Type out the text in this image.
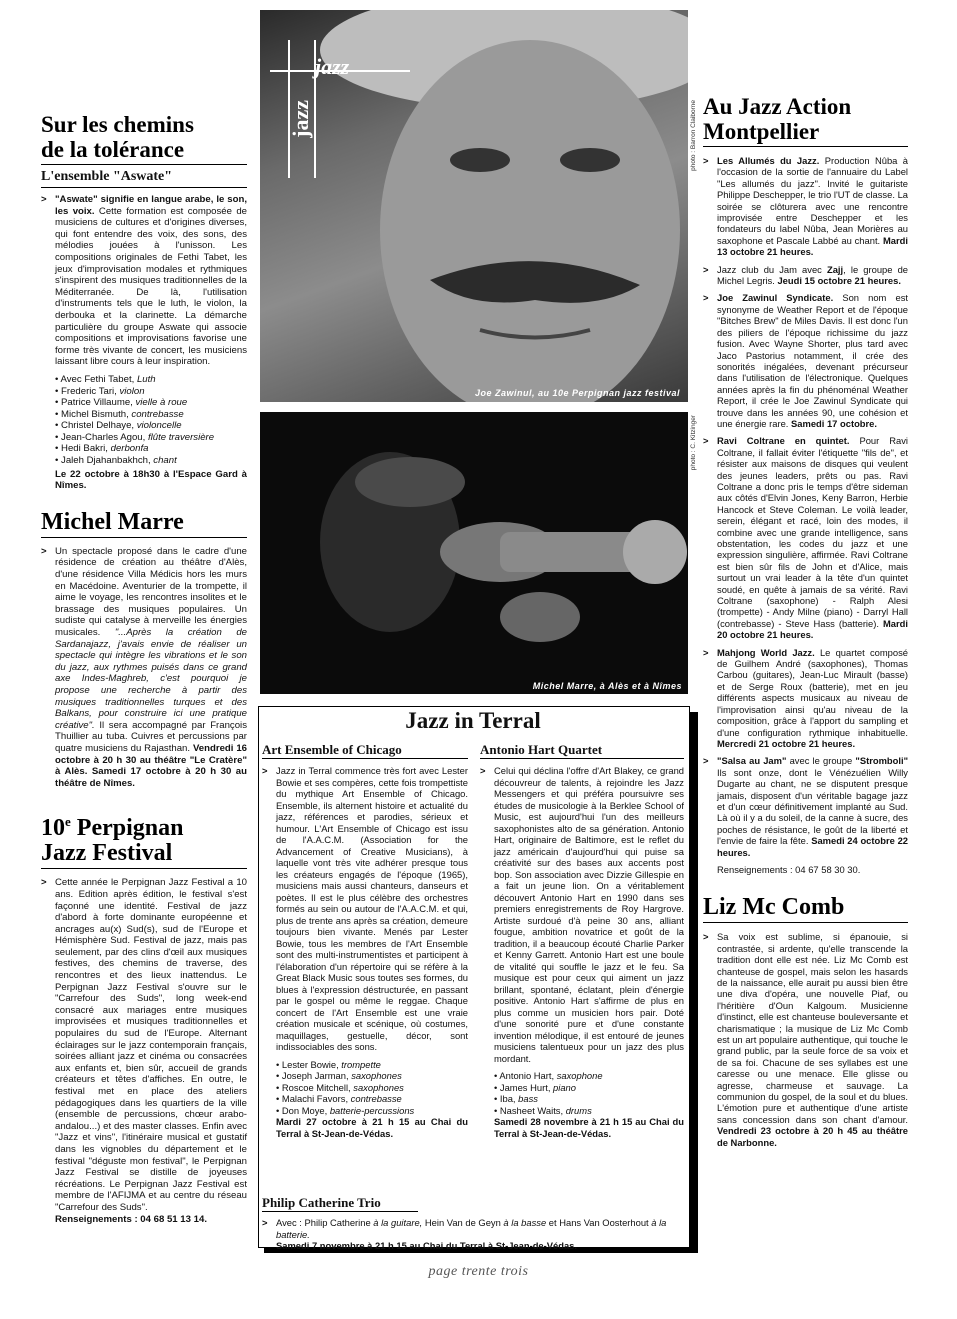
Sur les chemins
de la tolérance
L'ensemble "Aswate"

> "Aswate" signifie en langue arabe, le son, les voix. Cette formation est composée de musiciens de cultures et d'origines diverses, qui font entendre des voix, des sons, des mélodies jouées à l'unisson. Les compositions originales de Fethi Tabet, les jeux d'improvisation modales et rythmiques s'inspirent des musiques traditionnelles de la Méditerranée. De là, l'utilisation d'instruments tels que le luth, le violon, la derbouka et la clarinette. La démarche particulière du groupe Aswate qui associe compositions et improvisations favorise une forme très vivante de concert, les musiciens laissant libre cours à leur inspiration.

• Avec Fethi Tabet, Luth
• Frederic Tari, violon
• Patrice Villaume, vielle à roue
• Michel Bismuth, contrebasse
• Christel Delhaye, violoncelle
• Jean-Charles Agou, flûte traversière
• Hedi Bakri, derbonfa
• Jaleh Djahanbakhch, chant
Le 22 octobre à 18h30 à l'Espace Gard à Nîmes.
Michel Marre

> Un spectacle proposé dans le cadre d'une résidence de création au théâtre d'Alès, d'une résidence Villa Médicis hors les murs en Macédoine. Aventurier de la trompette, il aime le voyage, les rencontres insolites et le brassage des musiques populaires. Un sudiste qui catalyse à merveille les énergies musicales. "...Après la création de Sardanajazz, j'avais envie de réaliser un spectacle qui intègre les vibrations et le son du jazz, aux rythmes puisés dans ce grand axe Indes-Maghreb, c'est pourquoi je propose une recherche à partir des musiques traditionnelles turques et des Balkans, pour construire ici une pratique créative". Il sera accompagné par François Thuillier au tuba. Cuivres et percussions par quatre musiciens du Rajasthan. Vendredi 16 octobre à 20 h 30 au théâtre "Le Cratère" à Alès. Samedi 17 octobre à 20 h 30 au théâtre de Nîmes.

10e Perpignan
Jazz Festival

> Cette année le Perpignan Jazz Festival a 10 ans. Edition après édition, le festival s'est façonné une identité. Festival de jazz d'abord à forte dominante européenne et ancrages au(x) Sud(s), sud de l'Europe et Hémisphère Sud. Festival de jazz, mais pas seulement, par des clins d'œil aux musiques festives, des chemins de traverse, des rencontres et des lieux inattendus. Le Perpignan Jazz Festival s'ouvre sur le "Carrefour des Suds", long week-end consacré aux mariages entre musiques improvisées et musiques traditionnelles et populaires du sud de l'Europe. Alternant éclairages sur le jazz contemporain français, soirées alliant jazz et cinéma ou consacrées aux enfants et, bien sûr, accueil de grands créateurs et têtes d'affiches. En outre, le festival met en place des ateliers pédagogiques dans les quartiers de la ville (ensemble de percussions, chœur arabo-andalou...) et des master classes. Enfin avec "Jazz et vins", l'itinéraire musical et gustatif dans les vignobles du département et le festival "déguste mon festival", le Perpignan Jazz Festival se distille de joyeuses récréations. Le Perpignan Jazz Festival est membre de l'AFIJMA et au centre du réseau "Carrefour des Suds".
Renseignements : 04 68 51 13 14.

jazz
jazz
Joe Zawinul, au 10e Perpignan jazz festival
photo : Barron Claiborne
Michel Marre, à Alès et à Nîmes
photo : C. Kitzinger
Jazz in Terral
Art Ensemble of Chicago

> Jazz in Terral commence très fort avec Lester Bowie et ses compères, cette fois trompettiste du mythique Art Ensemble of Chicago. Ensemble, ils alternent histoire et actualité du jazz, références et parodies, sérieux et humour. L'Art Ensemble of Chicago est issu de l'A.A.C.M. (Association for the Advancement of Creative Musicians), à laquelle vont très vite adhérer presque tous les créateurs engagés de l'époque (1965), musiciens mais aussi chanteurs, danseurs et poètes. Il est le plus célèbre des orchestres formés au sein ou autour de l'A.A.C.M. et qui, plus de trente ans après sa création, demeure toujours bien vivante. Menés par Lester Bowie, tous les membres de l'Art Ensemble sont des multi-instrumentistes et participent à l'élaboration d'un répertoire qui se réfère à la Great Black Music sous toutes ses formes, du blues à l'expression déstructurée, en passant par le gospel ou même le reggae. Chaque concert de l'Art Ensemble est une vraie création musicale et scénique, où costumes, maquillages, gestuelle, décor, sont indissociables des sons.

• Lester Bowie, trompette
• Joseph Jarman, saxophones
• Roscoe Mitchell, saxophones
• Malachi Favors, contrebasse
• Don Moye, batterie-percussions
Mardi 27 octobre à 21 h 15 au Chai du Terral à St-Jean-de-Védas.
Antonio Hart Quartet

> Celui qui déclina l'offre d'Art Blakey, ce grand découvreur de talents, à rejoindre les Jazz Messengers et qui préféra poursuivre ses études de musicologie à la Berklee School of Music, est aujourd'hui l'un des meilleurs saxophonistes alto de sa génération. Antonio Hart, originaire de Baltimore, est le reflet du jazz américain d'aujourd'hui qui puise sa créativité sur des bases aux accents post bop. Son association avec Dizzie Gillespie en a fait un jeune lion. On a véritablement découvert Antonio Hart en 1990 dans ses premiers enregistrements de Roy Hargrove. Artiste surdoué d'à peine 30 ans, alliant fougue, ambition novatrice et goût de la tradition, il a beaucoup écouté Charlie Parker et Kenny Garrett. Antonio Hart est une boule de vitalité qui souffle le jazz et le feu. Sa musique est pour ceux qui aiment un jazz brillant, spontané, éclatant, plein d'énergie positive. Antonio Hart s'affirme de plus en plus comme un musicien hors pair. Doté d'une sonorité pure et d'une constante invention mélodique, il est entouré de jeunes musiciens talentueux pour un jazz des plus mordant.

• Antonio Hart, saxophone
• James Hurt, piano
• Iba, bass
• Nasheet Waits, drums
Samedi 28 novembre à 21 h 15 au Chai du Terral à St-Jean-de-Védas.
Philip Catherine Trio

> Avec : Philip Catherine à la guitare, Hein Van de Geyn à la basse et Hans Van Oosterhout à la batterie.
Samedi 7 novembre à 21 h 15 au Chai du Terral à St-Jean-de-Védas.

Au Jazz Action
Montpellier

> Les Allumés du Jazz. Production Nûba à l'occasion de la sortie de l'annuaire du Label "Les allumés du jazz". Invité le guitariste Philippe Deschepper, le trio l'UT de classe. La soirée se clôturera avec une rencontre improvisée entre Deschepper et les fondateurs du label Nûba, Jean Morières au saxophone et Pascale Labbé au chant. Mardi 13 octobre 21 heures.

> Jazz club du Jam avec Zajj, le groupe de Michel Legris. Jeudi 15 octobre 21 heures.

> Joe Zawinul Syndicate. Son nom est synonyme de Weather Report et de l'époque "Bitches Brew" de Miles Davis. Il est donc l'un des piliers de l'époque richissime du jazz fusion. Avec Wayne Shorter, plus tard avec Jaco Pastorius notamment, il crée des sonorités inégalées, devenant précurseur dans l'utilisation de l'électronique. Quelques années après la fin du phénoménal Weather Report, il crée le Joe Zawinul Syndicate qui trouve dans les années 90, une cohésion et une énergie rare. Samedi 17 octobre.

> Ravi Coltrane en quintet. Pour Ravi Coltrane, il fallait éviter l'étiquette "fils de", et résister aux maisons de disques qui veulent des jeunes leaders, prêts ou pas. Ravi Coltrane a donc pris le temps d'être sideman aux côtés d'Elvin Jones, Keny Barron, Herbie Hancock et Steve Coleman. Le voilà leader, serein, élégant et racé, loin des modes, il combine avec une grande intelligence, sans obstentation, les codes du jazz et une expression singulière, affirmée. Ravi Coltrane est bien sûr fils de John et d'Alice, mais surtout un vrai leader à la tête d'un quintet soudé, en quête à jamais de sa vérité. Ravi Coltrane (saxophone) - Ralph Alesi (trompette) - Andy Milne (piano) - Darryl Hall (contrebasse) - Steve Hass (batterie). Mardi 20 octobre 21 heures.

> Mahjong World Jazz. Le quartet composé de Guilhem André (saxophones), Thomas Carbou (guitares), Jean-Luc Mirault (basse) et de Serge Roux (batterie), met en jeu différents aspects musicaux au niveau de l'improvisation ainsi qu'au niveau de la composition, grâce à l'apport du sampling et d'une configuration rythmique inhabituelle. Mercredi 21 octobre 21 heures.

> "Salsa au Jam" avec le groupe "Stromboli" Ils sont onze, dont le Vénézuélien Willy Dugarte au chant, ne se disputent presque jamais, disposent d'un véritable bagage jazz et d'un cœur définitivement implanté au Sud. Là où il y a du soleil, de la canne à sucre, des poches de résistance, le goût de la liberté et l'envie de faire la fête. Samedi 24 octobre 22 heures.

Renseignements : 04 67 58 30 30.
Liz Mc Comb

> Sa voix est sublime, si épanouie, si contrastée, si ardente, qu'elle transcende la tradition dont elle est née. Liz Mc Comb est chanteuse de gospel, mais selon les hasards de la naissance, elle aurait pu aussi bien être une diva d'opéra, une nouvelle Piaf, ou l'héritière d'Oun Kalgoum. Musicienne d'instinct, elle est chanteuse bouleversante et charismatique ; la musique de Liz Mc Comb est un art populaire authentique, qui touche le grand public, par la seule force de sa voix et de sa foi. Chacune de ses syllabes est une caresse ou une menace. Elle glisse ou agresse, charmeuse et sauvage. La communion du gospel, de la soul et du blues. L'émotion pure et authentique d'une artiste sans concession dans son chant d'amour. Vendredi 23 octobre à 20 h 45 au théâtre de Narbonne.

page trente trois
